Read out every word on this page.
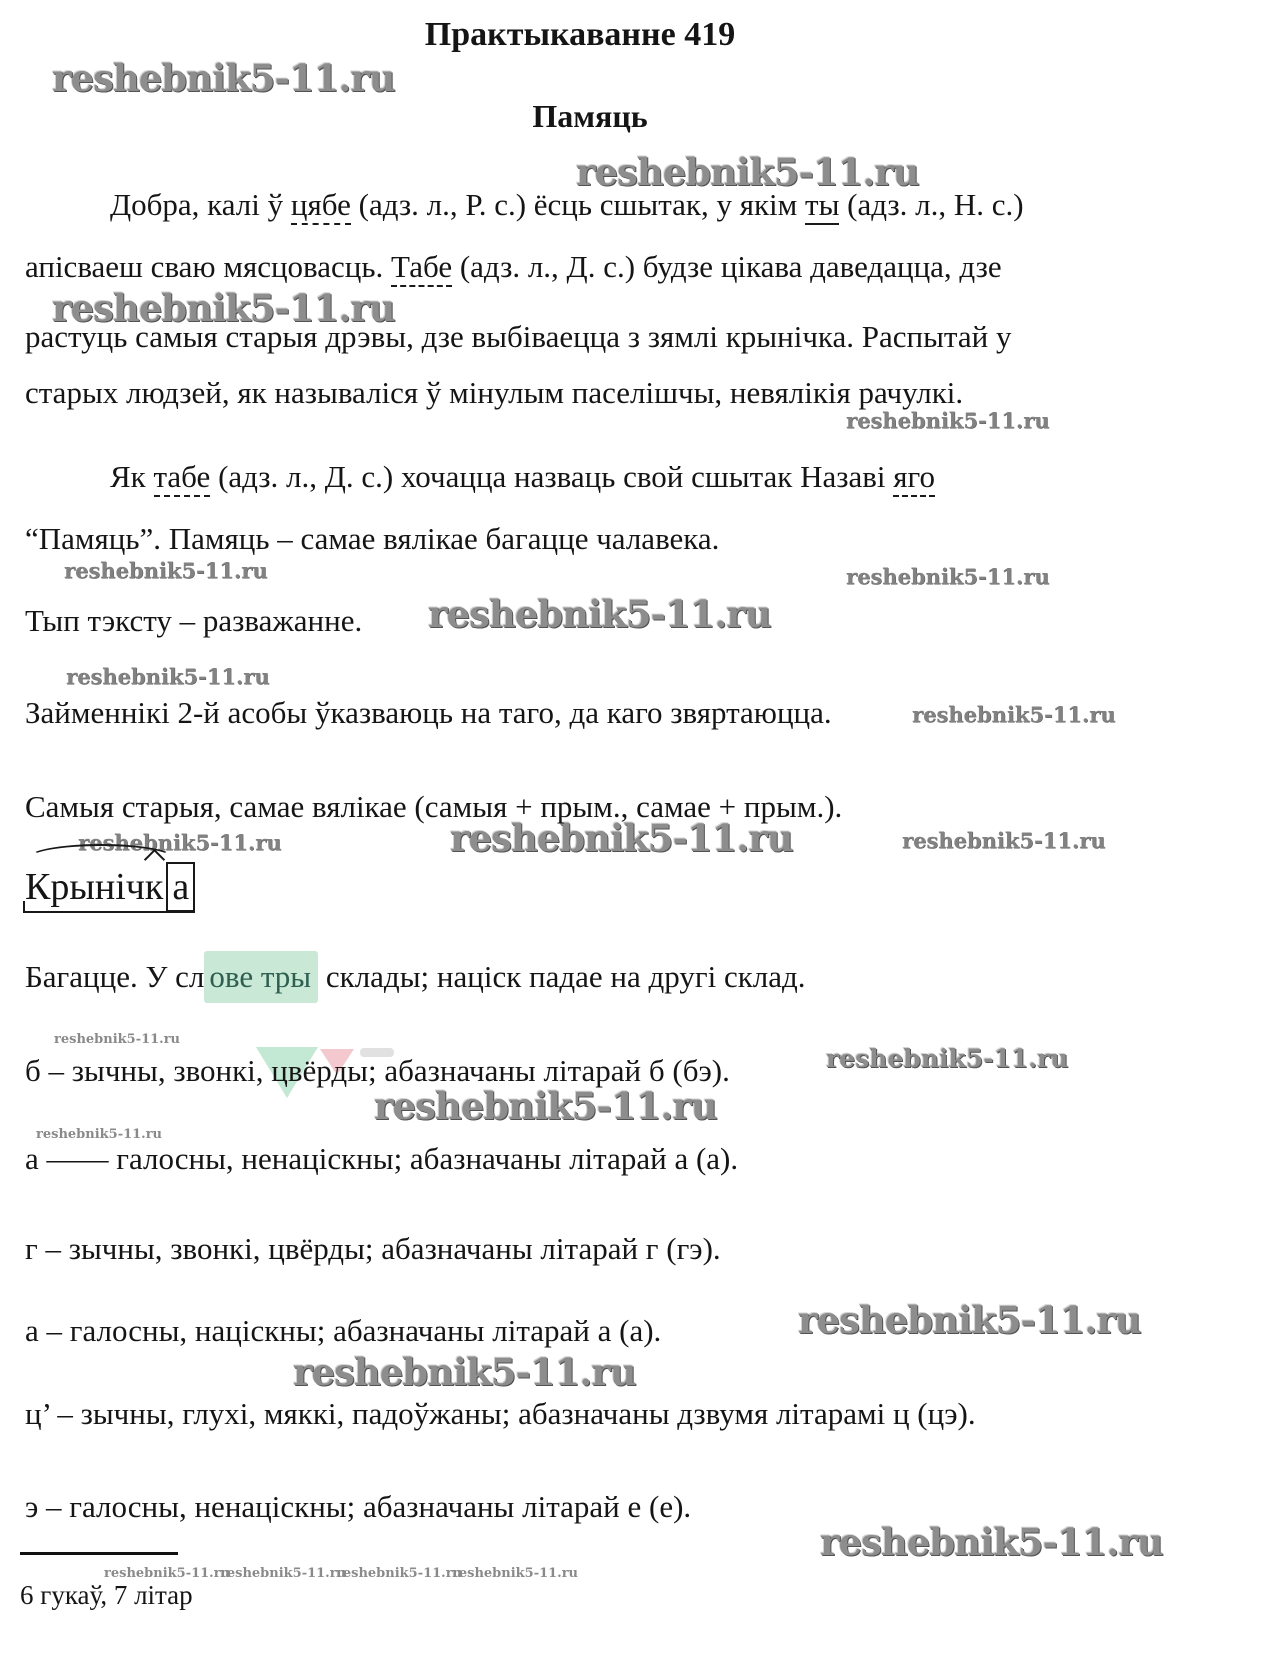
Практыкаванне 419
Памяць
reshebnik5-11.ru
reshebnik5-11.ru
reshebnik5-11.ru
reshebnik5-11.ru
reshebnik5-11.ru	reshebnik5-11.ru
reshebnik5-11.ru
reshebnik5-11.ru
reshebnik5-11.ru
reshebnik5-11.ru	reshebnik5-11.ru	reshebnik5-11.ru
reshebnik5-11.ru
reshebnik5-11.ru
reshebnik5-11.ru
reshebnik5-11.ru
reshebnik5-11.ru
reshebnik5-11.ru
reshebnik5-11.ru
reshebnik5-11.ru
reshebnik5-11.ru
reshebnik5-11.ru
reshebnik5-11.ru
Добра, калі ў цябе (адз. л., Р. с.) ёсць сшытак, у якім ты (адз. л., Н. с.)
апісваеш сваю мясцовасць. Табе (адз. л., Д. с.) будзе цікава даведацца, дзе
растуць самыя старыя дрэвы, дзе выбіваецца з зямлі крынічка. Распытай у
старых людзей, як называліся ў мінулым паселішчы, невялікія рачулкі.
Як табе (адз. л., Д. с.) хочацца назваць свой сшытак Назаві яго
“Памяць”. Памяць – самае вялікае багацце чалавека.
Тып тэксту – разважанне.
Займеннікі 2-й асобы ўказваюць на таго, да каго звяртаюцца.
Самыя старыя, самае вялікае (самыя + прым., самае + прым.).
Крынічк а
Багацце. У сл ове тры склады; націск падае на другі склад.
б – зычны, звонкі, цвёрды; абазначаны літарай б (бэ).
а —— галосны, ненаціскны; абазначаны літарай а (а).
г – зычны, звонкі, цвёрды; абазначаны літарай г (гэ).
а – галосны, націскны; абазначаны літарай а (а).
ц’ – зычны, глухі, мяккі, падоўжаны; абазначаны дзвумя літарамі ц (цэ).
э – галосны, ненаціскны; абазначаны літарай е (е).
6 гукаў, 7 літар
